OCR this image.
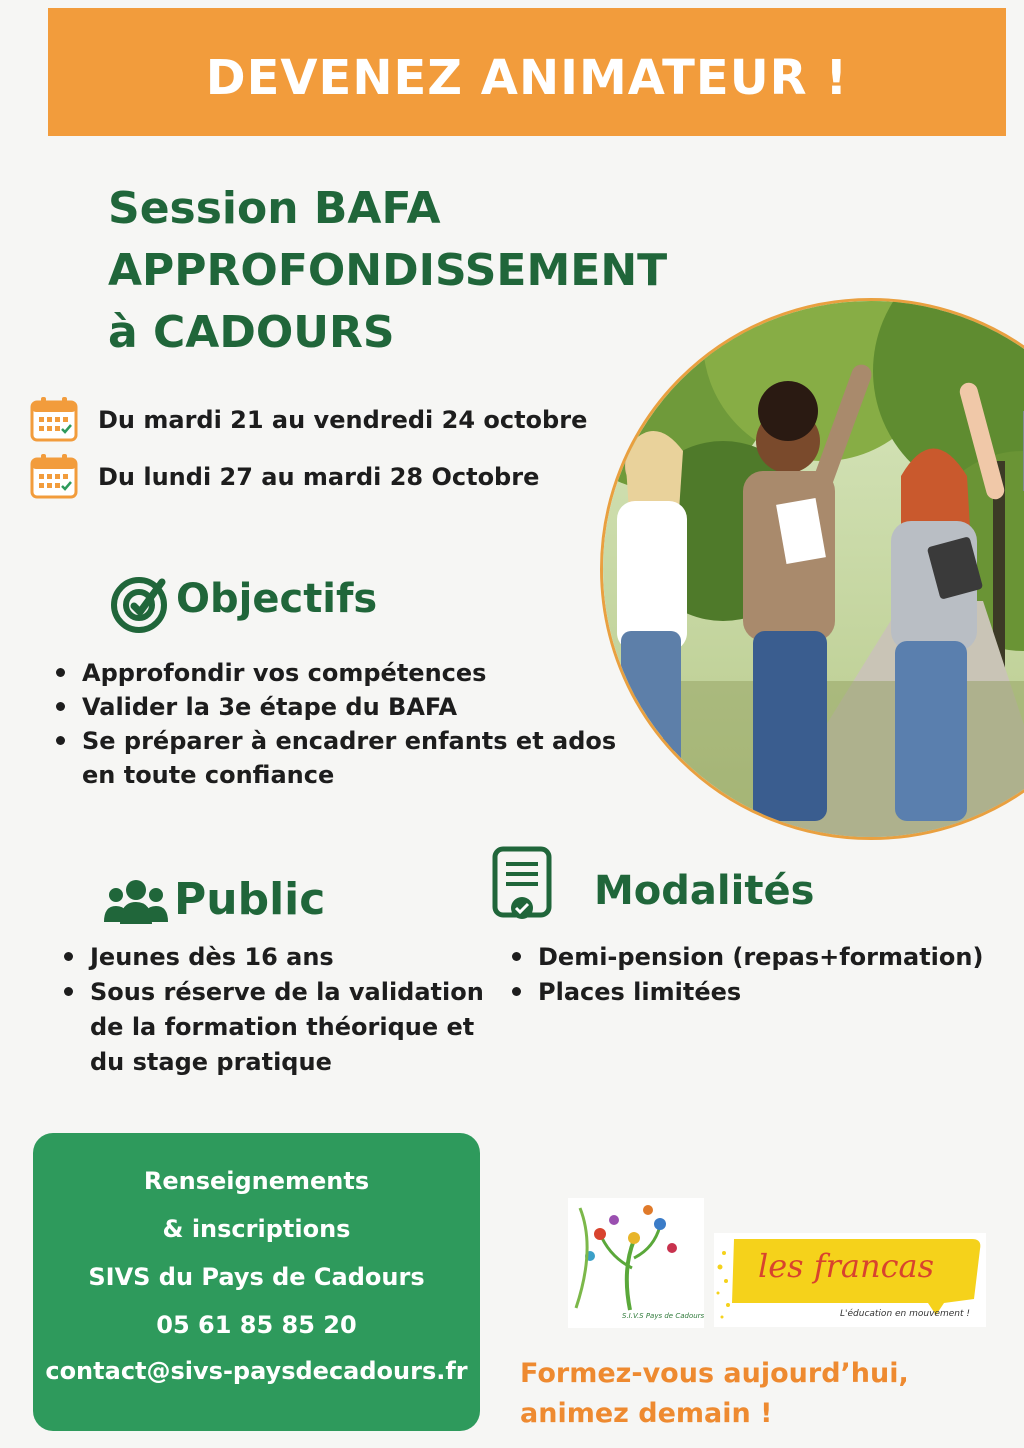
DEVENEZ ANIMATEUR !
Session BAFA
APPROFONDISSEMENT
à CADOURS
Du mardi 21 au vendredi 24 octobre
Du lundi 27 au mardi 28 Octobre
Objectifs
Approfondir vos compétences
Valider la 3e étape du BAFA
Se préparer à encadrer enfants et ados en toute confiance
Public
Jeunes dès 16 ans
Sous réserve de la validation de la formation théorique et du stage pratique
Modalités
Demi-pension (repas+formation)
Places limitées
Renseignements
& inscriptions
SIVS du Pays de Cadours
05 61 85 85 20
contact@sivs-paysdecadours.fr
S.I.V.S Pays de Cadours
les francas
L'éducation en mouvement !
Formez-vous aujourd’hui,
animez demain !
